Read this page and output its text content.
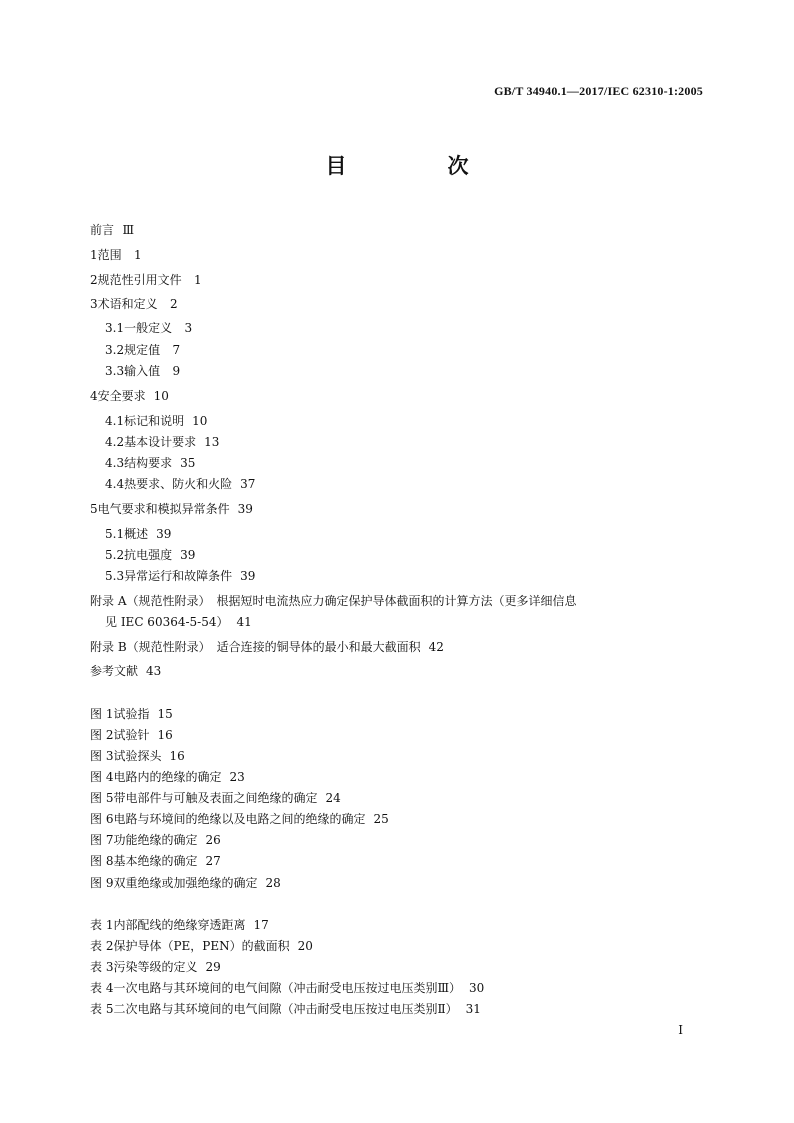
GB/T 34940.1—2017/IEC 62310-1:2005
目　次
前言 Ⅲ
1 范围	1
2 规范性引用文件	1
3 术语和定义	2
3.1 一般定义	3
3.2 规定值	7
3.3 输入值	9
4 安全要求 10
4.1 标记和说明 10
4.2 基本设计要求 13
4.3 结构要求 35
4.4 热要求、防火和火险 37
5 电气要求和模拟异常条件 39
5.1 概述 39
5.2 抗电强度 39
5.3 异常运行和故障条件 39
附录 A（规范性附录）　根据短时电流热应力确定保护导体截面积的计算方法（更多详细信息
见 IEC 60364-5-54） 41
附录 B（规范性附录）　适合连接的铜导体的最小和最大截面积 42
参考文献 43
图 1 试验指 15
图 2 试验针 16
图 3 试验探头 16
图 4 电路内的绝缘的确定 23
图 5 带电部件与可触及表面之间绝缘的确定 24
图 6 电路与环境间的绝缘以及电路之间的绝缘的确定 25
图 7 功能绝缘的确定 26
图 8 基本绝缘的确定 27
图 9 双重绝缘或加强绝缘的确定 28
表 1 内部配线的绝缘穿透距离 17
表 2 保护导体（PE，PEN）的截面积 20
表 3 污染等级的定义 29
表 4 一次电路与其环境间的电气间隙（冲击耐受电压按过电压类别Ⅲ） 30
表 5 二次电路与其环境间的电气间隙（冲击耐受电压按过电压类别Ⅱ） 31
I
